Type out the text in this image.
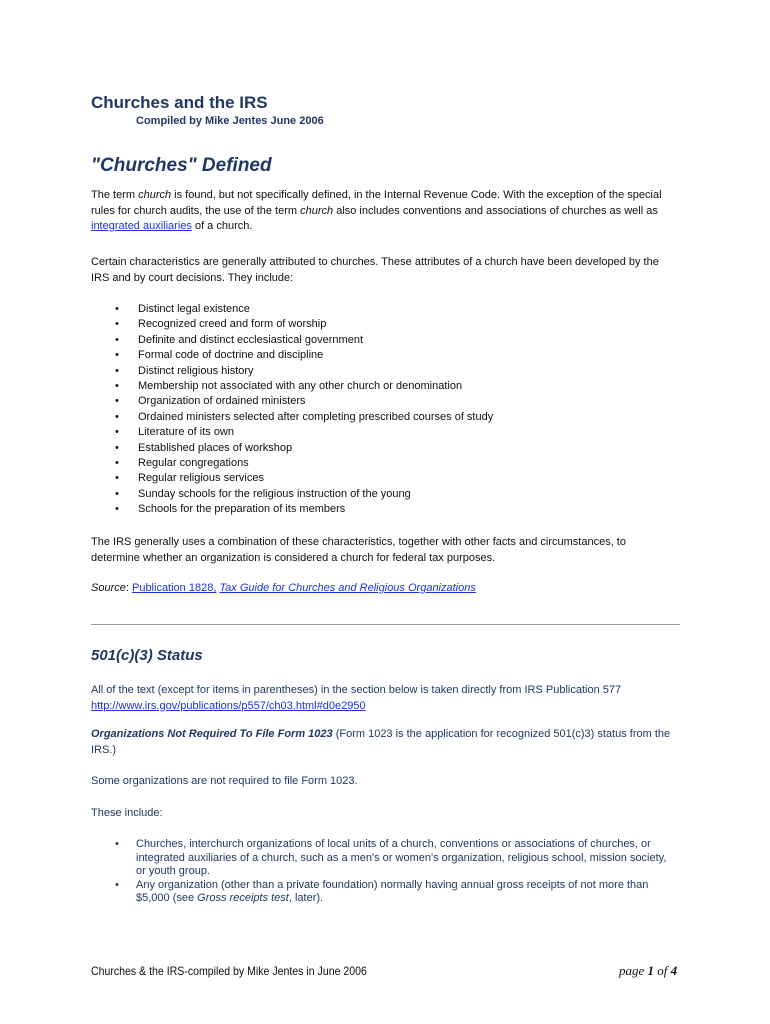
Churches and the IRS
Compiled by Mike Jentes June 2006
"Churches" Defined

The term church is found, but not specifically defined, in the Internal Revenue Code. With the exception of the special rules for church audits, the use of the term church also includes conventions and associations of churches as well as integrated auxiliaries of a church.

Certain characteristics are generally attributed to churches. These attributes of a church have been developed by the IRS and by court decisions. They include:

• Distinct legal existence
• Recognized creed and form of worship
• Definite and distinct ecclesiastical government
• Formal code of doctrine and discipline
• Distinct religious history
• Membership not associated with any other church or denomination
• Organization of ordained ministers
• Ordained ministers selected after completing prescribed courses of study
• Literature of its own
• Established places of workshop
• Regular congregations
• Regular religious services
• Sunday schools for the religious instruction of the young
• Schools for the preparation of its members

The IRS generally uses a combination of these characteristics, together with other facts and circumstances, to determine whether an organization is considered a church for federal tax purposes.

Source: Publication 1828, Tax Guide for Churches and Religious Organizations

501(c)(3) Status

All of the text (except for items in parentheses) in the section below is taken directly from IRS Publication 577
http://www.irs.gov/publications/p557/ch03.html#d0e2950

Organizations Not Required To File Form 1023 (Form 1023 is the application for recognized 501(c)3) status from the IRS.)

Some organizations are not required to file Form 1023.

These include:

• Churches, interchurch organizations of local units of a church, conventions or associations of churches, or integrated auxiliaries of a church, such as a men's or women's organization, religious school, mission society, or youth group.
• Any organization (other than a private foundation) normally having annual gross receipts of not more than $5,000 (see Gross receipts test, later).
Churches & the IRS-compiled by Mike Jentes in June 2006	page 1 of 4
